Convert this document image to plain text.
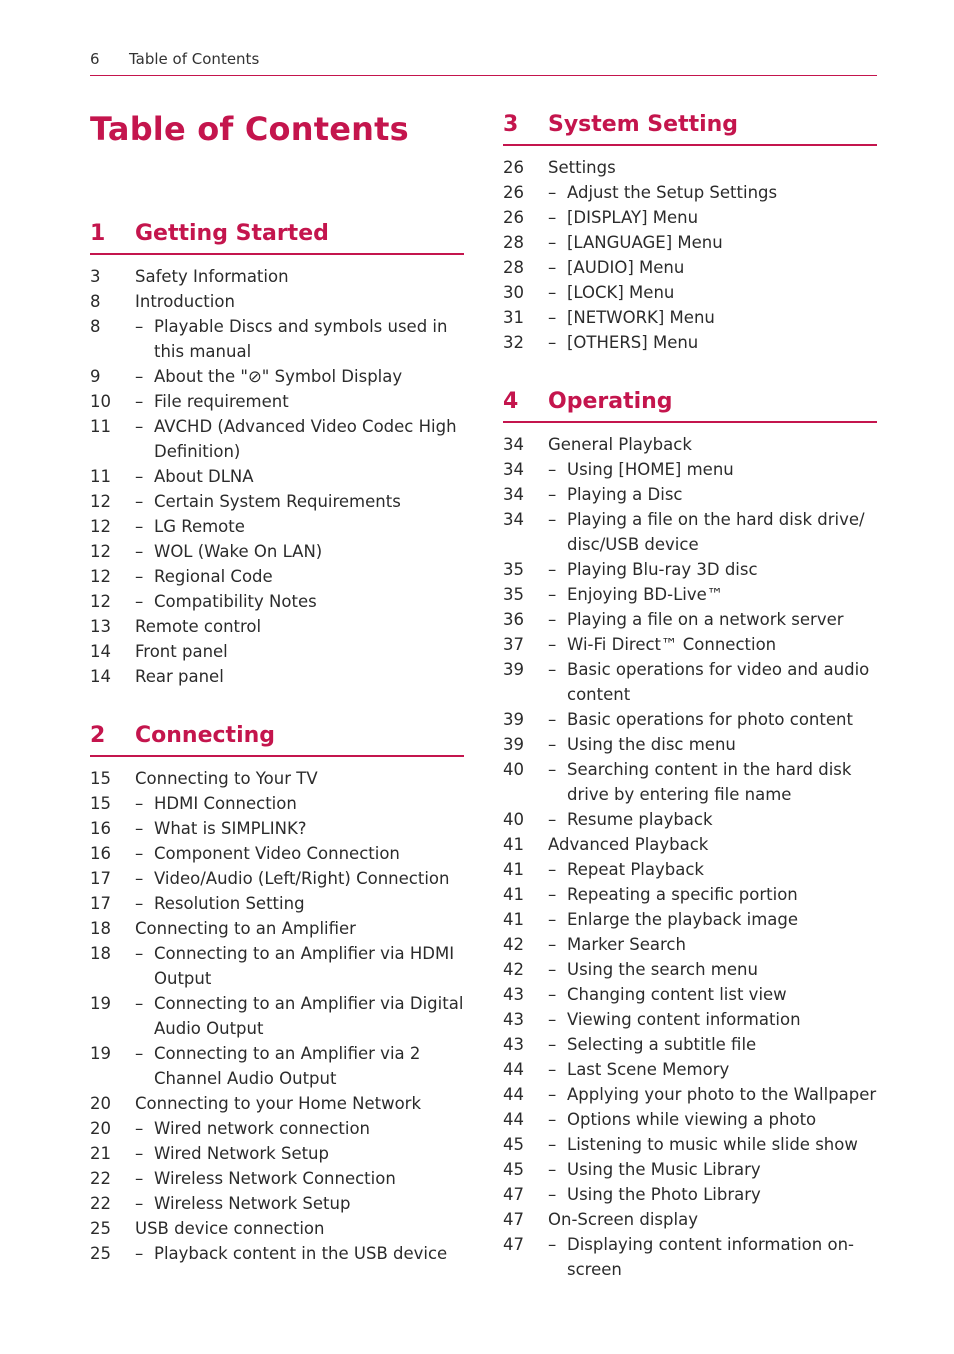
6 Table of Contents
Table of Contents
1 Getting Started
3	Safety Information
8	Introduction
8 – Playable Discs and symbols used in this manual
9 – About the "⊘" Symbol Display
10 – File requirement
11 – AVCHD (Advanced Video Codec High Definition)
11 – About DLNA
12 – Certain System Requirements
12 – LG Remote
12 – WOL (Wake On LAN)
12 – Regional Code
12 – Compatibility Notes
13	Remote control
14	Front panel
14	Rear panel
2 Connecting
15	Connecting to Your TV
15 – HDMI Connection
16 – What is SIMPLINK?
16 – Component Video Connection
17 – Video/Audio (Left/Right) Connection
17 – Resolution Setting
18	Connecting to an Amplifier
18 – Connecting to an Amplifier via HDMI Output
19 – Connecting to an Amplifier via Digital Audio Output
19 – Connecting to an Amplifier via 2 Channel Audio Output
20	Connecting to your Home Network
20 – Wired network connection
21 – Wired Network Setup
22 – Wireless Network Connection
22 – Wireless Network Setup
25	USB device connection
25 – Playback content in the USB device
3 System Setting
26	Settings
26 – Adjust the Setup Settings
26 – [DISPLAY] Menu
28 – [LANGUAGE] Menu
28 – [AUDIO] Menu
30 – [LOCK] Menu
31 – [NETWORK] Menu
32 – [OTHERS] Menu
4 Operating
34	General Playback
34 – Using [HOME] menu
34 – Playing a Disc
34 – Playing a file on the hard disk drive/ disc/USB device
35 – Playing Blu-ray 3D disc
35 – Enjoying BD-Live™
36 – Playing a file on a network server
37 – Wi-Fi Direct™ Connection
39 – Basic operations for video and audio content
39 – Basic operations for photo content
39 – Using the disc menu
40 – Searching content in the hard disk drive by entering file name
40 – Resume playback
41	Advanced Playback
41 – Repeat Playback
41 – Repeating a specific portion
41 – Enlarge the playback image
42 – Marker Search
42 – Using the search menu
43 – Changing content list view
43 – Viewing content information
43 – Selecting a subtitle file
44 – Last Scene Memory
44 – Applying your photo to the Wallpaper
44 – Options while viewing a photo
45 – Listening to music while slide show
45 – Using the Music Library
47 – Using the Photo Library
47	On-Screen display
47 – Displaying content information on-screen
